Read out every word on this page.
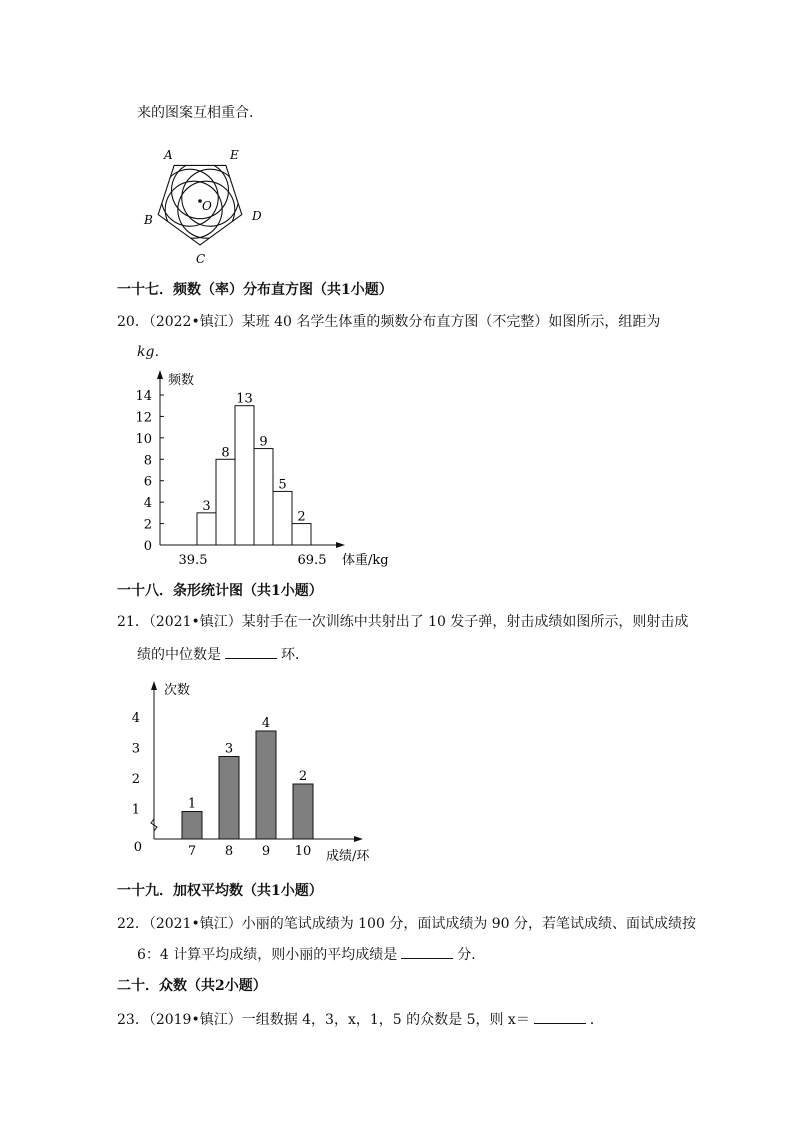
来的图案互相重合．
A	E
O
B	D
C
一十七．频数（率）分布直方图（共1小题）
20．（2022•镇江）某班 40 名学生体重的频数分布直方图（不完整）如图所示，组距为
kg．
频数
体重/kg
0
2
4
6
8
10
12
14
3
8
13
9
5
2
39.5	69.5
一十八．条形统计图（共1小题）
21．（2021•镇江）某射手在一次训练中共射出了 10 发子弹，射击成绩如图所示，则射击成
绩的中位数是	环．
次数
成绩/环
0
1
2
3
4
1
7
3
8
4
9
2
10
一十九．加权平均数（共1小题）
22．（2021•镇江）小丽的笔试成绩为 100 分，面试成绩为 90 分，若笔试成绩、面试成绩按
6：4 计算平均成绩，则小丽的平均成绩是	分．
二十．众数（共2小题）
23．（2019•镇江）一组数据 4，3，x，1，5 的众数是 5，则 x＝	．
